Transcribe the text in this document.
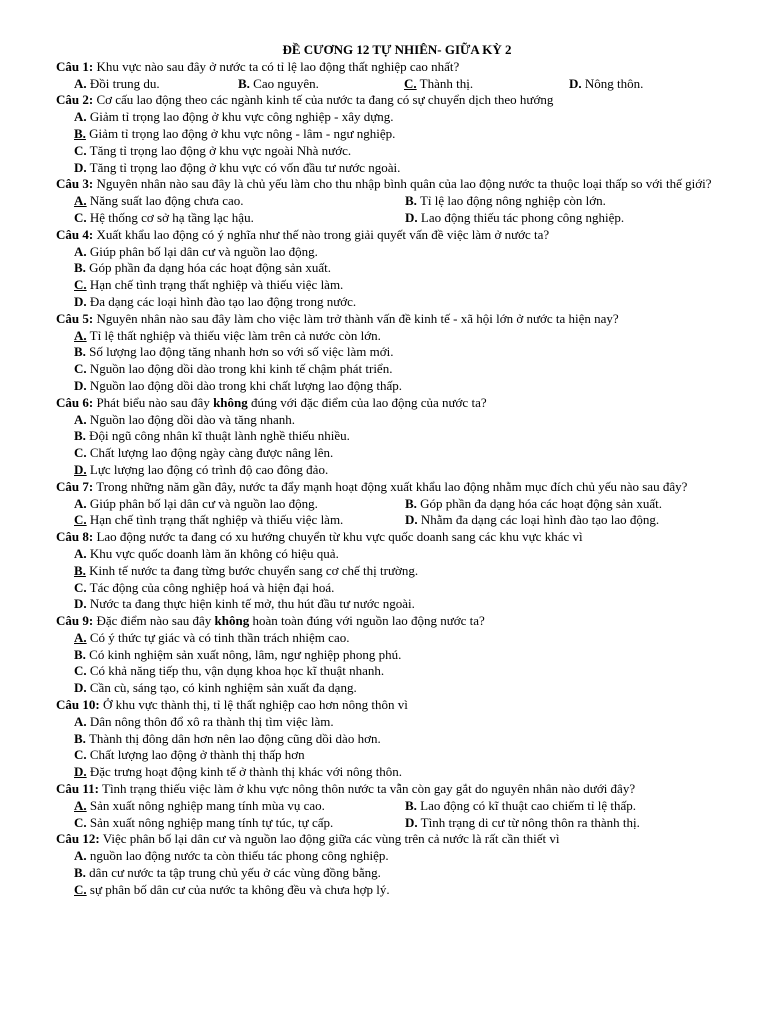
ĐỀ CƯƠNG 12 TỰ NHIÊN- GIỮA KỲ 2
Câu 1: Khu vực nào sau đây ở nước ta có tỉ lệ lao động thất nghiệp cao nhất?
A. Đồi trung du.	B. Cao nguyên.	C. Thành thị.	D. Nông thôn.
Câu 2: Cơ cấu lao động theo các ngành kinh tế của nước ta đang có sự chuyển dịch theo hướng
A. Giảm tỉ trọng lao động ở khu vực công nghiệp - xây dựng.
B. Giảm tỉ trọng lao động ở khu vực nông - lâm - ngư nghiệp.
C. Tăng tỉ trọng lao động ở khu vực ngoài Nhà nước.
D. Tăng tỉ trọng lao động ở khu vực có vốn đầu tư nước ngoài.
Câu 3: Nguyên nhân nào sau đây là chủ yếu làm cho thu nhập bình quân của lao động nước ta thuộc loại thấp so với thế giới?
A. Năng suất lao động chưa cao.	B. Tỉ lệ lao động nông nghiệp còn lớn.
C. Hệ thống cơ sở hạ tầng lạc hậu.	D. Lao động thiếu tác phong công nghiệp.
Câu 4: Xuất khẩu lao động có ý nghĩa như thế nào trong giải quyết vấn đề việc làm ở nước ta?
A. Giúp phân bố lại dân cư và nguồn lao động.
B. Góp phần đa dạng hóa các hoạt động sản xuất.
C. Hạn chế tình trạng thất nghiệp và thiếu việc làm.
D. Đa dạng các loại hình đào tạo lao động trong nước.
Câu 5: Nguyên nhân nào sau đây làm cho việc làm trở thành vấn đề kinh tế - xã hội lớn ở nước ta hiện nay?
A. Tỉ lệ thất nghiệp và thiếu việc làm trên cả nước còn lớn.
B. Số lượng lao động tăng nhanh hơn so với số việc làm mới.
C. Nguồn lao động dồi dào trong khi kinh tế chậm phát triển.
D. Nguồn lao động dồi dào trong khi chất lượng lao động thấp.
Câu 6: Phát biểu nào sau đây không đúng với đặc điểm của lao động của nước ta?
A. Nguồn lao động dồi dào và tăng nhanh.
B. Đội ngũ công nhân kĩ thuật lành nghề thiếu nhiều.
C. Chất lượng lao động ngày càng được nâng lên.
D. Lực lượng lao động có trình độ cao đông đảo.
Câu 7: Trong những năm gần đây, nước ta đẩy mạnh hoạt động xuất khẩu lao động nhằm mục đích chủ yếu nào sau đây?
A. Giúp phân bố lại dân cư và nguồn lao động.	B. Góp phần đa dạng hóa các hoạt động sản xuất.
C. Hạn chế tình trạng thất nghiệp và thiếu việc làm.	D. Nhằm đa dạng các loại hình đào tạo lao động.
Câu 8: Lao động nước ta đang có xu hướng chuyển từ khu vực quốc doanh sang các khu vực khác vì
A. Khu vực quốc doanh làm ăn không có hiệu quả.
B. Kinh tế nước ta đang từng bước chuyển sang cơ chế thị trường.
C. Tác động của công nghiệp hoá và hiện đại hoá.
D. Nước ta đang thực hiện kinh tế mở, thu hút đầu tư nước ngoài.
Câu 9: Đặc điểm nào sau đây không hoàn toàn đúng với nguồn lao động nước ta?
A. Có ý thức tự giác và có tinh thần trách nhiệm cao.
B. Có kinh nghiệm sản xuất nông, lâm, ngư nghiệp phong phú.
C. Có khả năng tiếp thu, vận dụng khoa học kĩ thuật nhanh.
D. Cần cù, sáng tạo, có kinh nghiệm sản xuất đa dạng.
Câu 10: Ở khu vực thành thị, tỉ lệ thất nghiệp cao hơn nông thôn vì
A. Dân nông thôn đổ xô ra thành thị tìm việc làm.
B. Thành thị đông dân hơn nên lao động cũng dồi dào hơn.
C. Chất lượng lao động ở thành thị thấp hơn
D. Đặc trưng hoạt động kinh tế ở thành thị khác với nông thôn.
Câu 11: Tình trạng thiếu việc làm ở khu vực nông thôn nước ta vẫn còn gay gắt do nguyên nhân nào dưới đây?
A. Sản xuất nông nghiệp mang tính mùa vụ cao.	B. Lao động có kĩ thuật cao chiếm tỉ lệ thấp.
C. Sản xuất nông nghiệp mang tính tự túc, tự cấp.	D. Tình trạng di cư từ nông thôn ra thành thị.
Câu 12: Việc phân bố lại dân cư và nguồn lao động giữa các vùng trên cả nước là rất cần thiết vì
A. nguồn lao động nước ta còn thiếu tác phong công nghiệp.
B. dân cư nước ta tập trung chủ yếu ở các vùng đồng bằng.
C. sự phân bố dân cư của nước ta không đều và chưa hợp lý.
